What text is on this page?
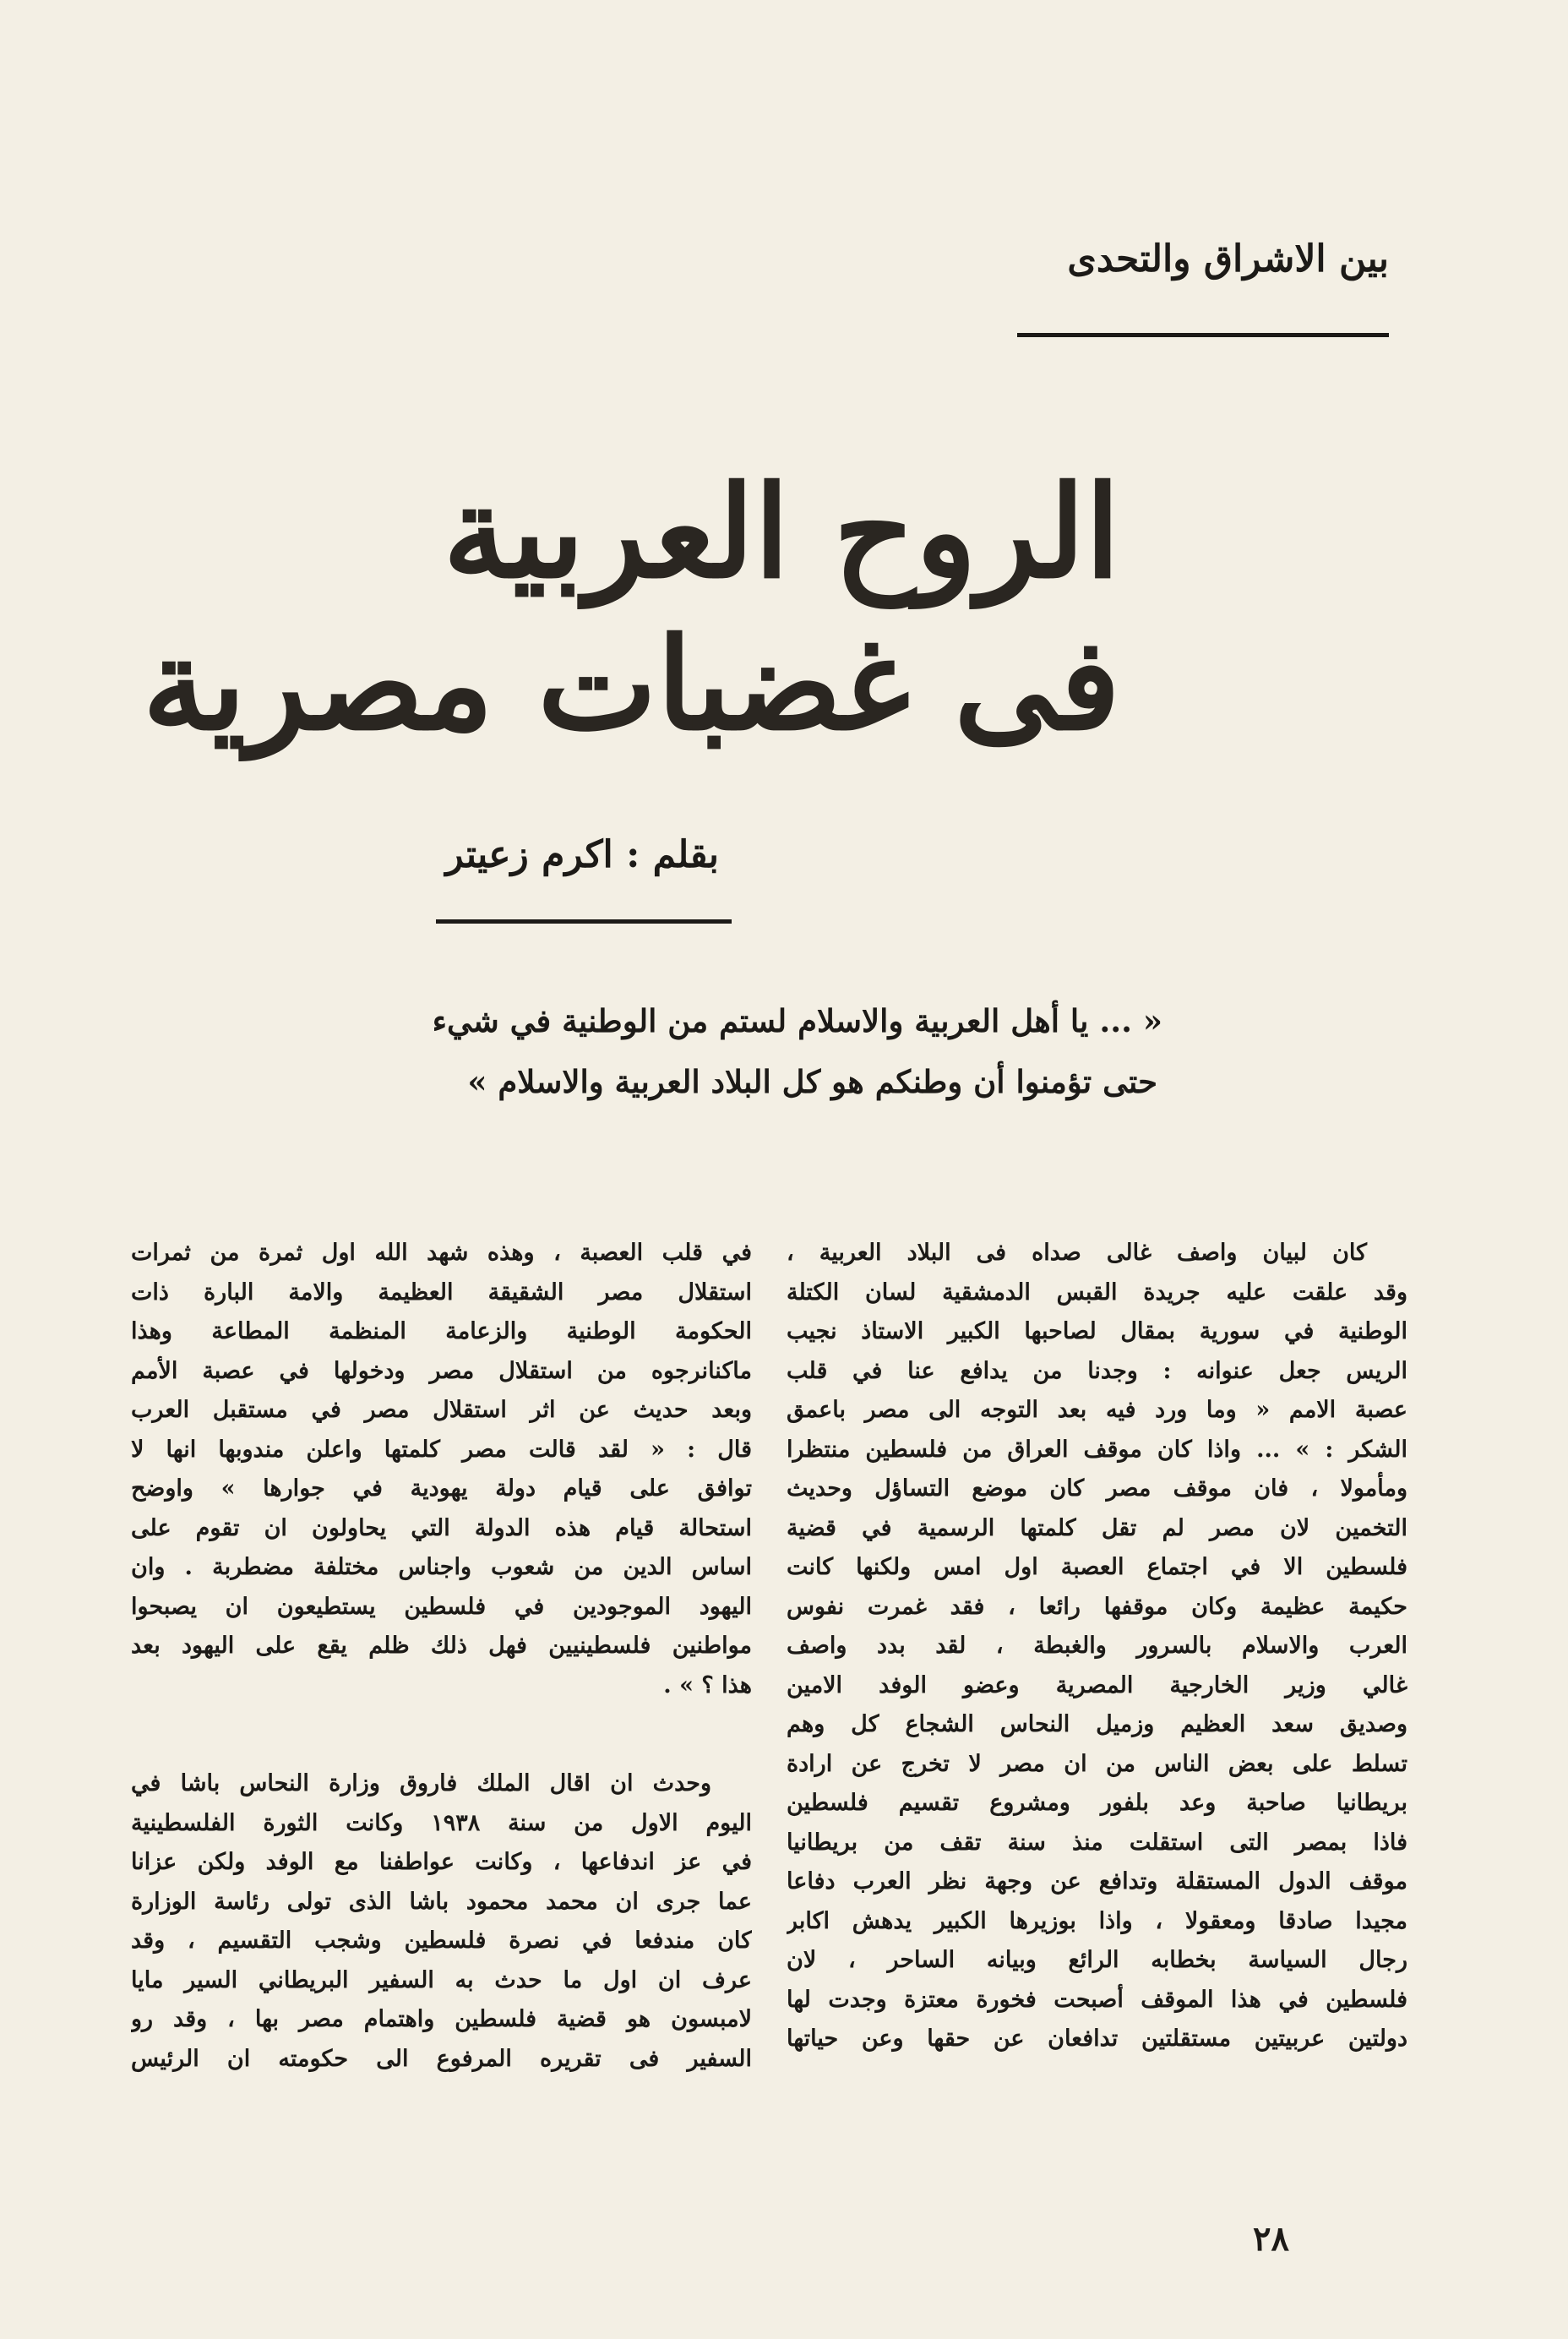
بين الاشراق والتحدى
الروح العربية
فى غضبات مصرية
بقلم : اكرم زعيتر
« ... يا أهل العربية والاسلام لستم من الوطنية في شيء
حتى تؤمنوا أن وطنكم هو كل البلاد العربية والاسلام »
كان لبيان واصف غالى صداه فى البلاد العربية ،
وقد علقت عليه جريدة القبس الدمشقية لسان الكتلة
الوطنية في سورية بمقال لصاحبها الكبير الاستاذ نجيب
الريس جعل عنوانه : وجدنا من يدافع عنا في قلب
عصبة الامم « وما ورد فيه بعد التوجه الى مصر باعمق
الشكر : » ... واذا كان موقف العراق من فلسطين منتظرا
ومأمولا ، فان موقف مصر كان موضع التساؤل وحديث
التخمين لان مصر لم تقل كلمتها الرسمية في قضية
فلسطين الا في اجتماع العصبة اول امس ولكنها كانت
حكيمة عظيمة وكان موقفها رائعا ، فقد غمرت نفوس
العرب والاسلام بالسرور والغبطة ، لقد بدد واصف
غالي وزير الخارجية المصرية وعضو الوفد الامين
وصديق سعد العظيم وزميل النحاس الشجاع كل وهم
تسلط على بعض الناس من ان مصر لا تخرج عن ارادة
بريطانيا صاحبة وعد بلفور ومشروع تقسيم فلسطين
فاذا بمصر التى استقلت منذ سنة تقف من بريطانيا
موقف الدول المستقلة وتدافع عن وجهة نظر العرب دفاعا
مجيدا صادقا ومعقولا ، واذا بوزيرها الكبير يدهش اكابر
رجال السياسة بخطابه الرائع وبيانه الساحر ، لان
فلسطين في هذا الموقف أصبحت فخورة معتزة وجدت لها
دولتين عربيتين مستقلتين تدافعان عن حقها وعن حياتها
في قلب العصبة ، وهذه شهد الله اول ثمرة من ثمرات
استقلال مصر الشقيقة العظيمة والامة البارة ذات
الحكومة الوطنية والزعامة المنظمة المطاعة وهذا
ماكنانرجوه من استقلال مصر ودخولها في عصبة الأمم
وبعد حديث عن اثر استقلال مصر في مستقبل العرب
قال : « لقد قالت مصر كلمتها واعلن مندوبها انها لا
توافق على قيام دولة يهودية في جوارها » واوضح
استحالة قيام هذه الدولة التي يحاولون ان تقوم على
اساس الدين من شعوب واجناس مختلفة مضطربة . وان
اليهود الموجودين في فلسطين يستطيعون ان يصبحوا
مواطنين فلسطينيين فهل ذلك ظلم يقع على اليهود بعد
هذا ؟ » .
وحدث ان اقال الملك فاروق وزارة النحاس باشا في
اليوم الاول من سنة ١٩٣٨ وكانت الثورة الفلسطينية
في عز اندفاعها ، وكانت عواطفنا مع الوفد ولكن عزانا
عما جرى ان محمد محمود باشا الذى تولى رئاسة الوزارة
كان مندفعا في نصرة فلسطين وشجب التقسيم ، وقد
عرف ان اول ما حدث به السفير البريطاني السير مايا
لامبسون هو قضية فلسطين واهتمام مصر بها ، وقد رو
السفير فى تقريره المرفوع الى حكومته ان الرئيس
٢٨
